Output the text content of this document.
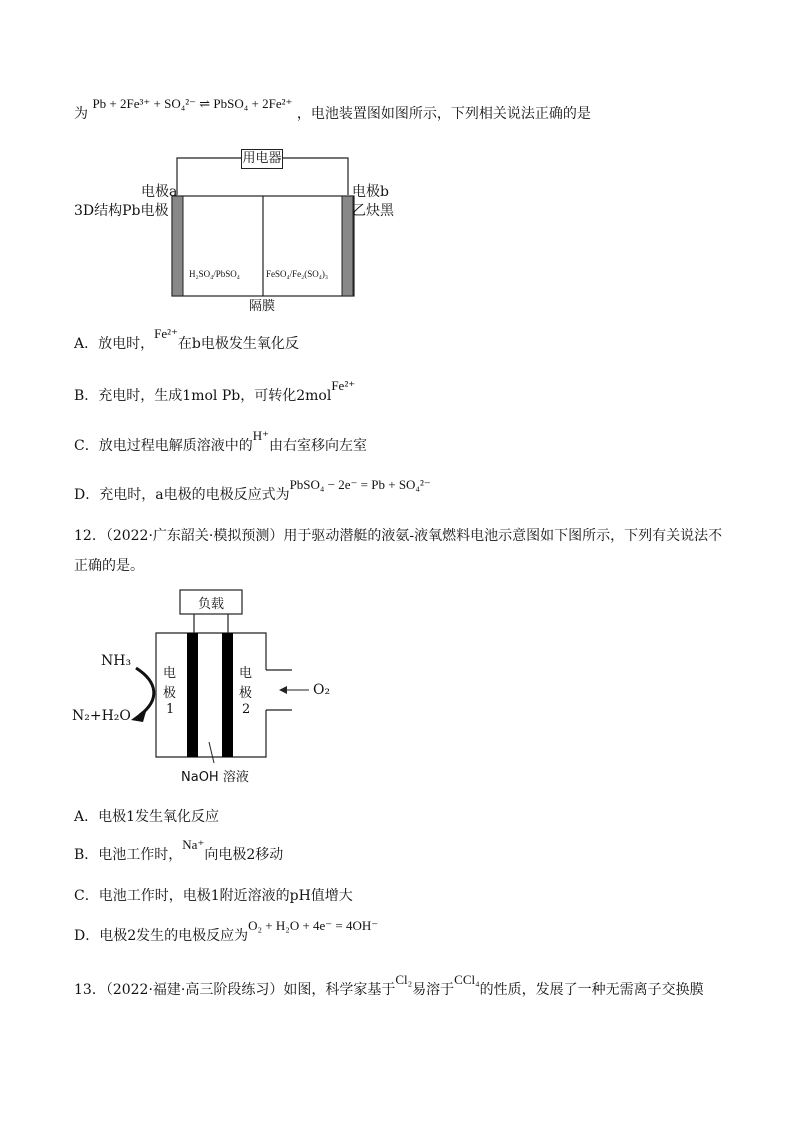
为 Pb + 2Fe³⁺ + SO₄²⁻ ⇌ PbSO₄ + 2Fe²⁺ ，电池装置图如图所示，下列相关说法正确的是
用电器
电极a
3D结构Pb电极
电极b
乙炔黑
H₂SO₄/PbSO₄	FeSO₄/Fe₂(SO₄)₃
隔膜
A．放电时，Fe²⁺在b电极发生氧化反
B．充电时，生成1mol Pb，可转化2molFe²⁺
C．放电过程电解质溶液中的H⁺由右室移向左室
D．充电时，a电极的电极反应式为PbSO₄ − 2e⁻ = Pb + SO₄²⁻
12．（2022·广东韶关·模拟预测）用于驱动潜艇的液氨-液氧燃料电池示意图如下图所示，下列有关说法不
正确的是。
负载
电
极
1
电
极
2
NH₃
N₂+H₂O
O₂
NaOH 溶液
A．电极1发生氧化反应
B．电池工作时，Na⁺向电极2移动
C．电池工作时，电极1附近溶液的pH值增大
D．电极2发生的电极反应为O₂ + H₂O + 4e⁻ = 4OH⁻
13．（2022·福建·高三阶段练习）如图，科学家基于Cl₂易溶于CCl₄的性质，发展了一种无需离子交换膜
